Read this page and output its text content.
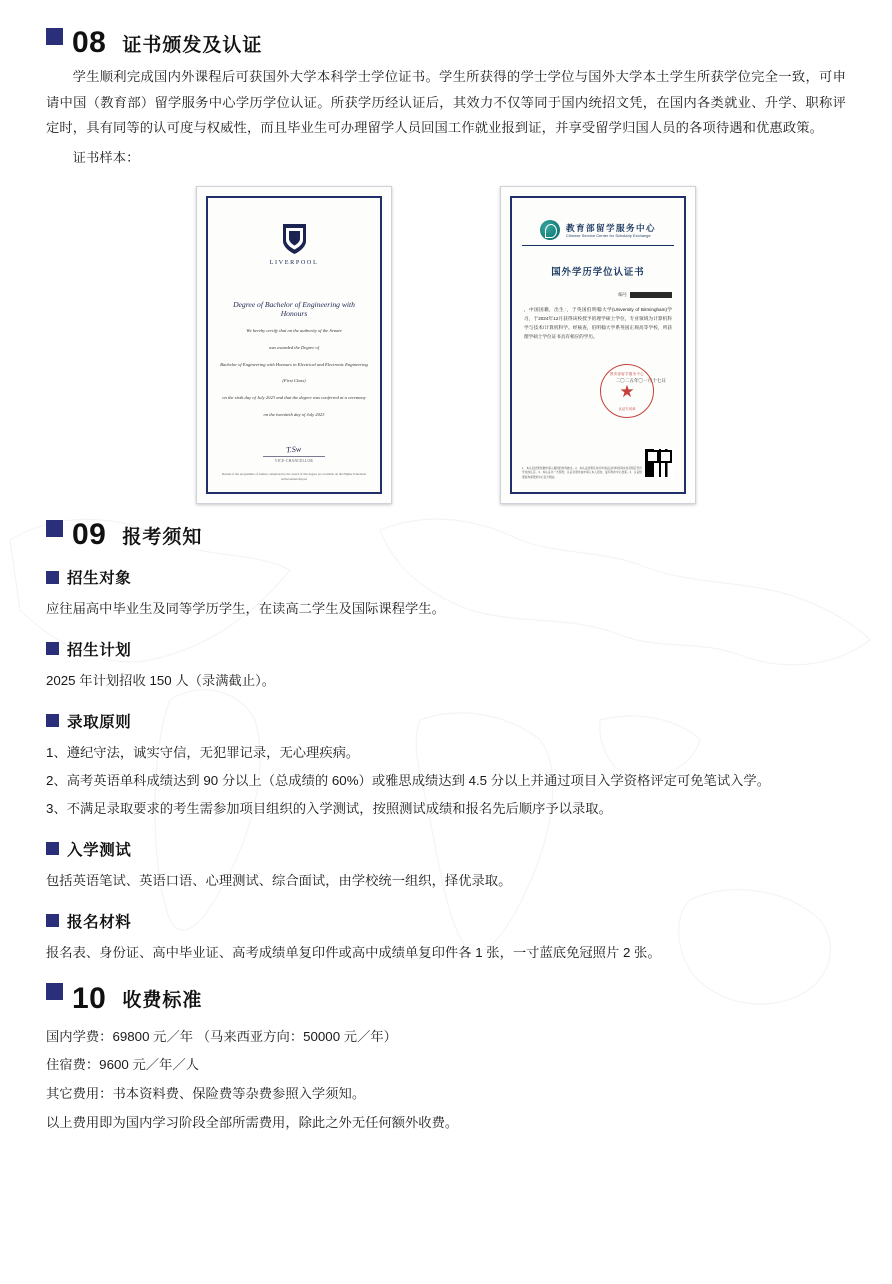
08 证书颁发及认证

学生顺利完成国内外课程后可获国外大学本科学士学位证书。学生所获得的学士学位与国外大学本土学生所获学位完全一致，可申请中国（教育部）留学服务中心学历学位认证。所获学历经认证后，其效力不仅等同于国内统招文凭，在国内各类就业、升学、职称评定时，具有同等的认可度与权威性，而且毕业生可办理留学人员回国工作就业报到证，并享受留学归国人员的各项待遇和优惠政策。

证书样本：

LIVERPOOL
Degree of Bachelor of Engineering with Honours
We hereby certify that on the authority of the Senate
was awarded the Degree of
Bachelor of Engineering with Honours in Electrical and Electronic Engineering
(First Class)
on the sixth day of July 2023 and that the degree was conferred at a ceremony
on the twentieth day of July 2023
T.Sw
VICE-CHANCELLOR
Details of the programme of studies completed by the award of this degree are available on the Higher Education Achievement Report
教育部留学服务中心
Chinese Service Center for Scholarly Exchange
国外学历学位认证书
编号
，中国国籍，出生：，于英国伯明翰大学(University of Birmingham)学习，于2024年12月获得该校授予的理学硕士学位，专业领域为计算机科学与技术/计算机科学。经核查，伯明翰大学系英国正规高等学校，所获理学硕士学位证书具有相应的学历。
教育部留学服务中心
★
认证专用章
二〇二五年〇一月十七日
1、本认证结果依据申请人提供的材料做出。2、本认证结果系对所申请认证材料的真实性及相应学历学位的认定。3、本认证书一式两份，认证书原件由申请人本人留存，复印件存中心档案。4、认证结果查询请登录中心官方网站。
09 报考须知
招生对象

应往届高中毕业生及同等学历学生，在读高二学生及国际课程学生。

招生计划

2025 年计划招收 150 人（录满截止）。

录取原则

1、遵纪守法，诚实守信，无犯罪记录，无心理疾病。

2、高考英语单科成绩达到 90 分以上（总成绩的 60%）或雅思成绩达到 4.5 分以上并通过项目入学资格评定可免笔试入学。

3、不满足录取要求的考生需参加项目组织的入学测试，按照测试成绩和报名先后顺序予以录取。

入学测试

包括英语笔试、英语口语、心理测试、综合面试，由学校统一组织，择优录取。

报名材料

报名表、身份证、高中毕业证、高考成绩单复印件或高中成绩单复印件各 1 张，一寸蓝底免冠照片 2 张。

10 收费标准

国内学费：69800 元／年 （马来西亚方向：50000 元／年）

住宿费：9600 元／年／人

其它费用：书本资料费、保险费等杂费参照入学须知。

以上费用即为国内学习阶段全部所需费用，除此之外无任何额外收费。
